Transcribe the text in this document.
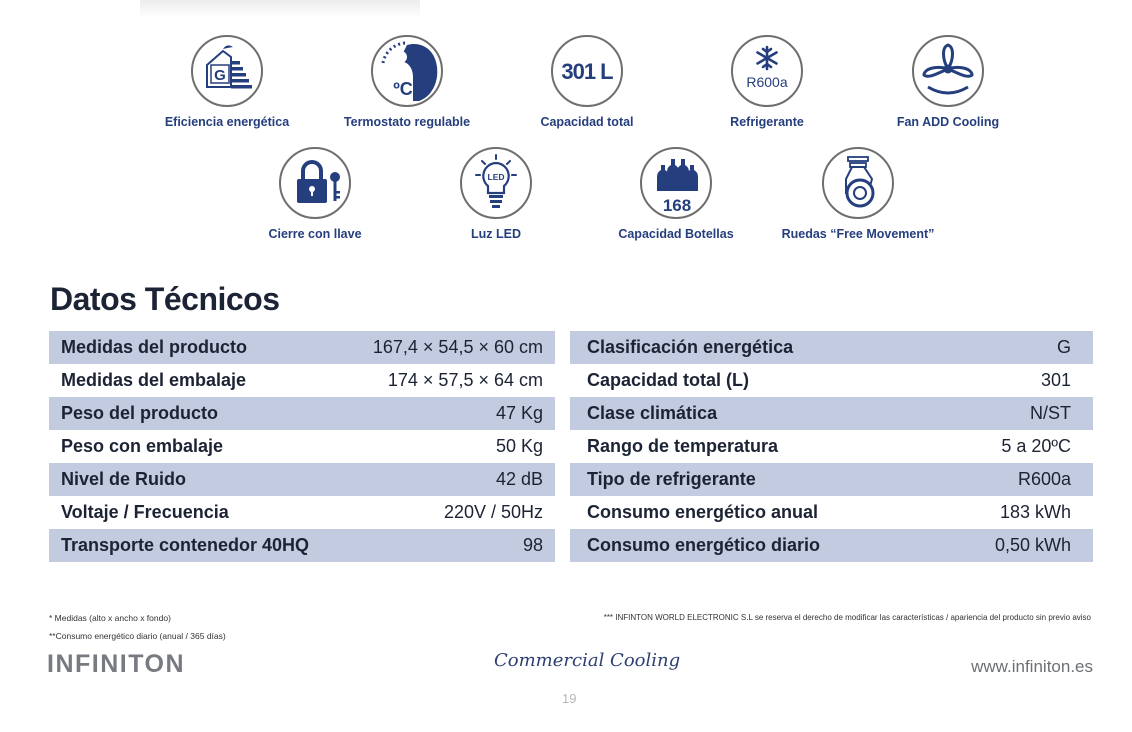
G
Eficiencia energética
ºC
Termostato regulable
301 L
Capacidad total
R600a
Refrigerante	Fan ADD Cooling
Cierre con llave
LED
Luz LED
168
Capacidad Botellas	Ruedas “Free Movement”
Datos Técnicos
Medidas del producto	167,4 × 54,5 × 60 cm
Medidas del embalaje	174 × 57,5 × 64 cm
Peso del producto	47 Kg
Peso con embalaje	50 Kg
Nivel de Ruido	42 dB
Voltaje / Frecuencia	220V / 50Hz
Transporte contenedor 40HQ	98
Clasificación energética	G
Capacidad total (L)	301
Clase climática	N/ST
Rango de temperatura	5 a 20ºC
Tipo de refrigerante	R600a
Consumo energético anual	183 kWh
Consumo energético diario	0,50 kWh
* Medidas (alto x ancho x fondo)
**Consumo energético diario (anual / 365 días)
*** INFINTON WORLD ELECTRONIC S.L se reserva el derecho de modificar las características / apariencia del producto sin previo aviso
INFINITON	Commercial Cooling	www.infiniton.es
19
